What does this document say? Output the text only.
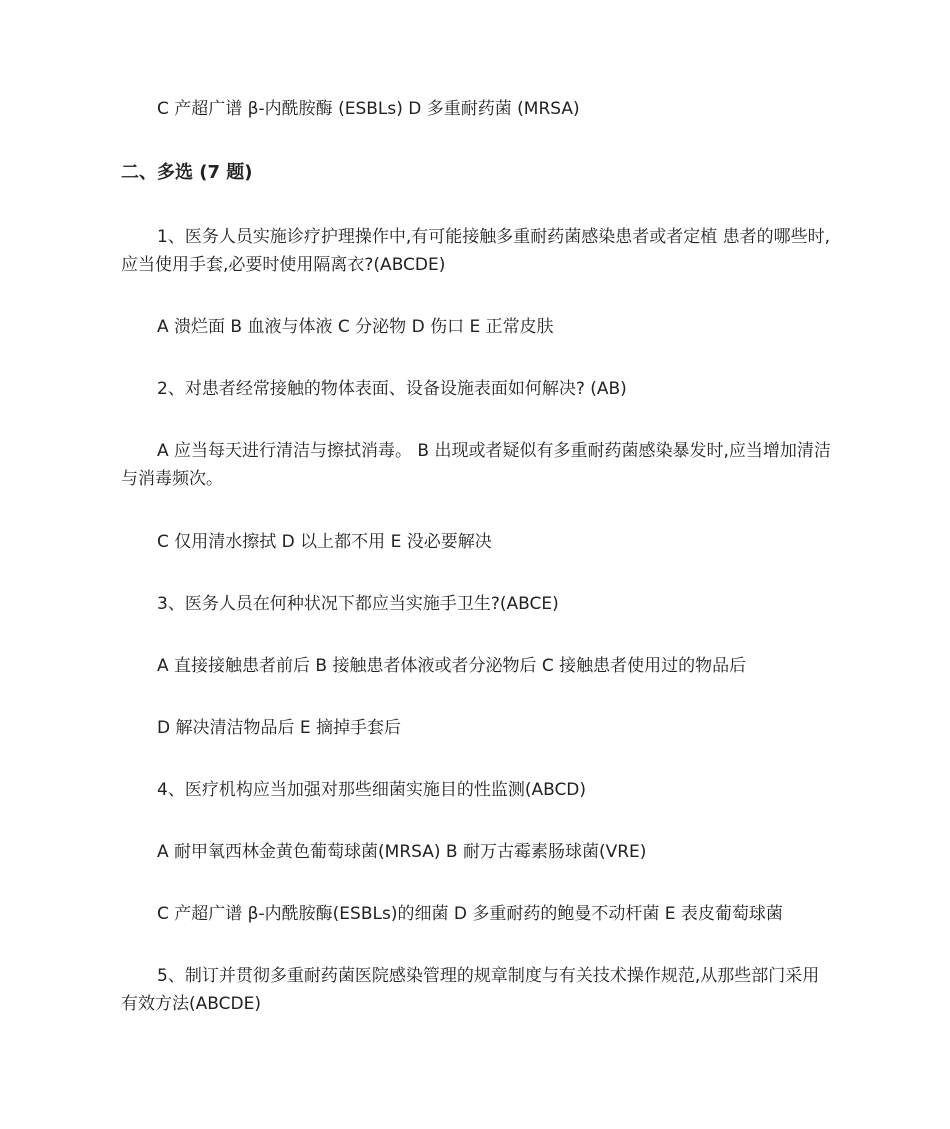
C 产超广谱 β-内酰胺酶 (ESBLs) D 多重耐药菌 (MRSA)

二、多选 (7 题)

1、医务人员实施诊疗护理操作中,有可能接触多重耐药菌感染患者或者定植 患者的哪些时,应当使用手套,必要时使用隔离衣?(ABCDE)

A 溃烂面 B 血液与体液 C 分泌物 D 伤口 E 正常皮肤

2、对患者经常接触的物体表面、设备设施表面如何解决? (AB)

A 应当每天进行清洁与擦拭消毒。 B 出现或者疑似有多重耐药菌感染暴发时,应当增加清洁与消毒频次。

C 仅用清水擦拭 D 以上都不用 E 没必要解决

3、医务人员在何种状况下都应当实施手卫生?(ABCE)

A 直接接触患者前后 B 接触患者体液或者分泌物后 C 接触患者使用过的物品后

D 解决清洁物品后 E 摘掉手套后

4、医疗机构应当加强对那些细菌实施目的性监测(ABCD)

A 耐甲氧西林金黄色葡萄球菌(MRSA) B 耐万古霉素肠球菌(VRE)

C 产超广谱 β-内酰胺酶(ESBLs)的细菌 D 多重耐药的鲍曼不动杆菌 E 表皮葡萄球菌

5、制订并贯彻多重耐药菌医院感染管理的规章制度与有关技术操作规范,从那些部门采用有效方法(ABCDE)
